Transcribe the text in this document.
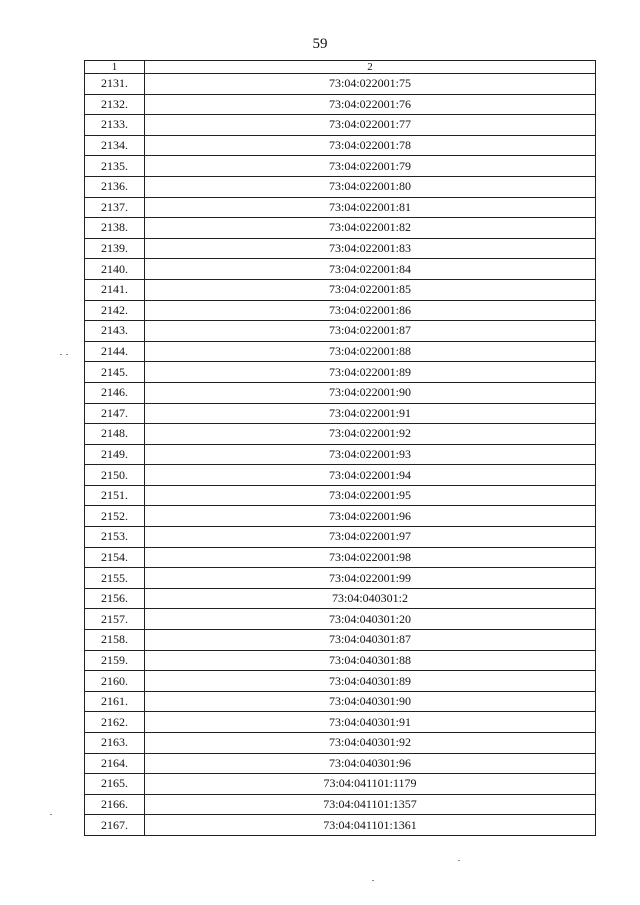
59
1	2
2131.	73:04:022001:75
2132.	73:04:022001:76
2133.	73:04:022001:77
2134.	73:04:022001:78
2135.	73:04:022001:79
2136.	73:04:022001:80
2137.	73:04:022001:81
2138.	73:04:022001:82
2139.	73:04:022001:83
2140.	73:04:022001:84
2141.	73:04:022001:85
2142.	73:04:022001:86
2143.	73:04:022001:87
2144.	73:04:022001:88
2145.	73:04:022001:89
2146.	73:04:022001:90
2147.	73:04:022001:91
2148.	73:04:022001:92
2149.	73:04:022001:93
2150.	73:04:022001:94
2151.	73:04:022001:95
2152.	73:04:022001:96
2153.	73:04:022001:97
2154.	73:04:022001:98
2155.	73:04:022001:99
2156.	73:04:040301:2
2157.	73:04:040301:20
2158.	73:04:040301:87
2159.	73:04:040301:88
2160.	73:04:040301:89
2161.	73:04:040301:90
2162.	73:04:040301:91
2163.	73:04:040301:92
2164.	73:04:040301:96
2165.	73:04:041101:1179
2166.	73:04:041101:1357
2167.	73:04:041101:1361
